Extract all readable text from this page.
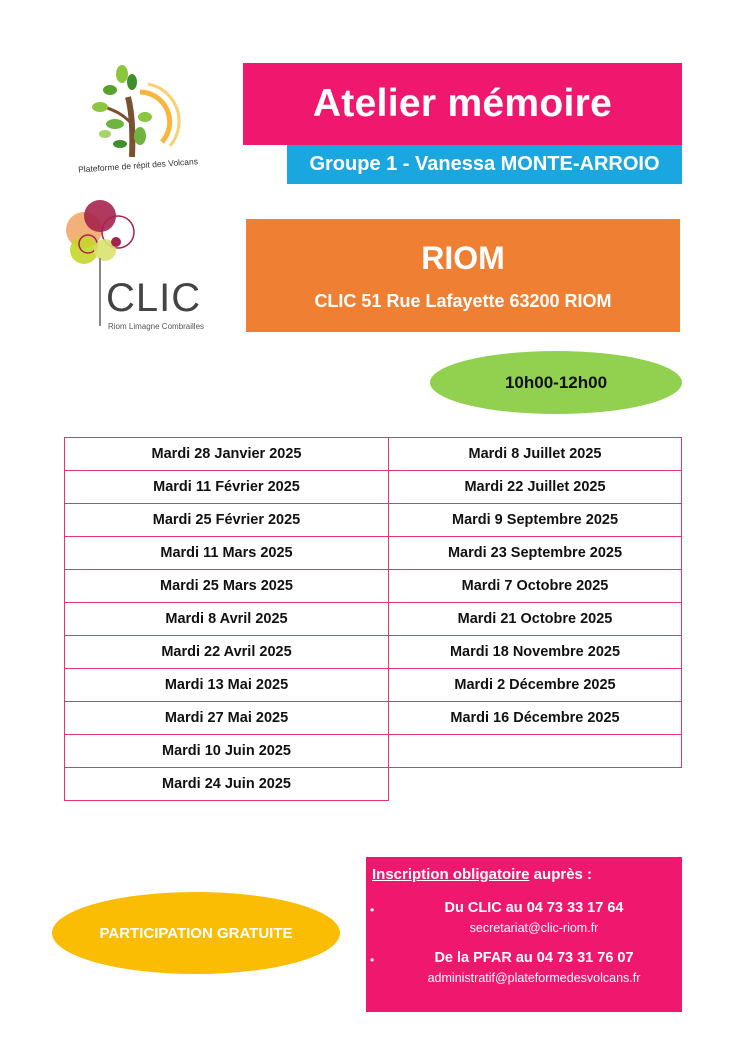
Plateforme de répit des Volcans
CLIC
Riom Limagne Combrailles
Atelier mémoire
Groupe 1 - Vanessa MONTE-ARROIO
RIOM
CLIC 51 Rue Lafayette 63200 RIOM
10h00-12h00
Mardi 28 Janvier 2025	Mardi 8 Juillet 2025
Mardi 11 Février 2025	Mardi 22 Juillet 2025
Mardi 25 Février 2025	Mardi 9 Septembre 2025
Mardi 11 Mars 2025	Mardi 23 Septembre 2025
Mardi 25 Mars 2025	Mardi 7 Octobre 2025
Mardi 8 Avril 2025	Mardi 21 Octobre 2025
Mardi 22 Avril 2025	Mardi 18 Novembre 2025
Mardi 13 Mai 2025	Mardi 2 Décembre 2025
Mardi 27 Mai 2025	Mardi 16 Décembre 2025
Mardi 10 Juin 2025	
Mardi 24 Juin 2025	
PARTICIPATION GRATUITE
Inscription obligatoire auprès :
•	Du CLIC au 04 73 33 17 64
secretariat@clic-riom.fr
•	De la PFAR au 04 73 31 76 07
administratif@plateformedesvolcans.fr
